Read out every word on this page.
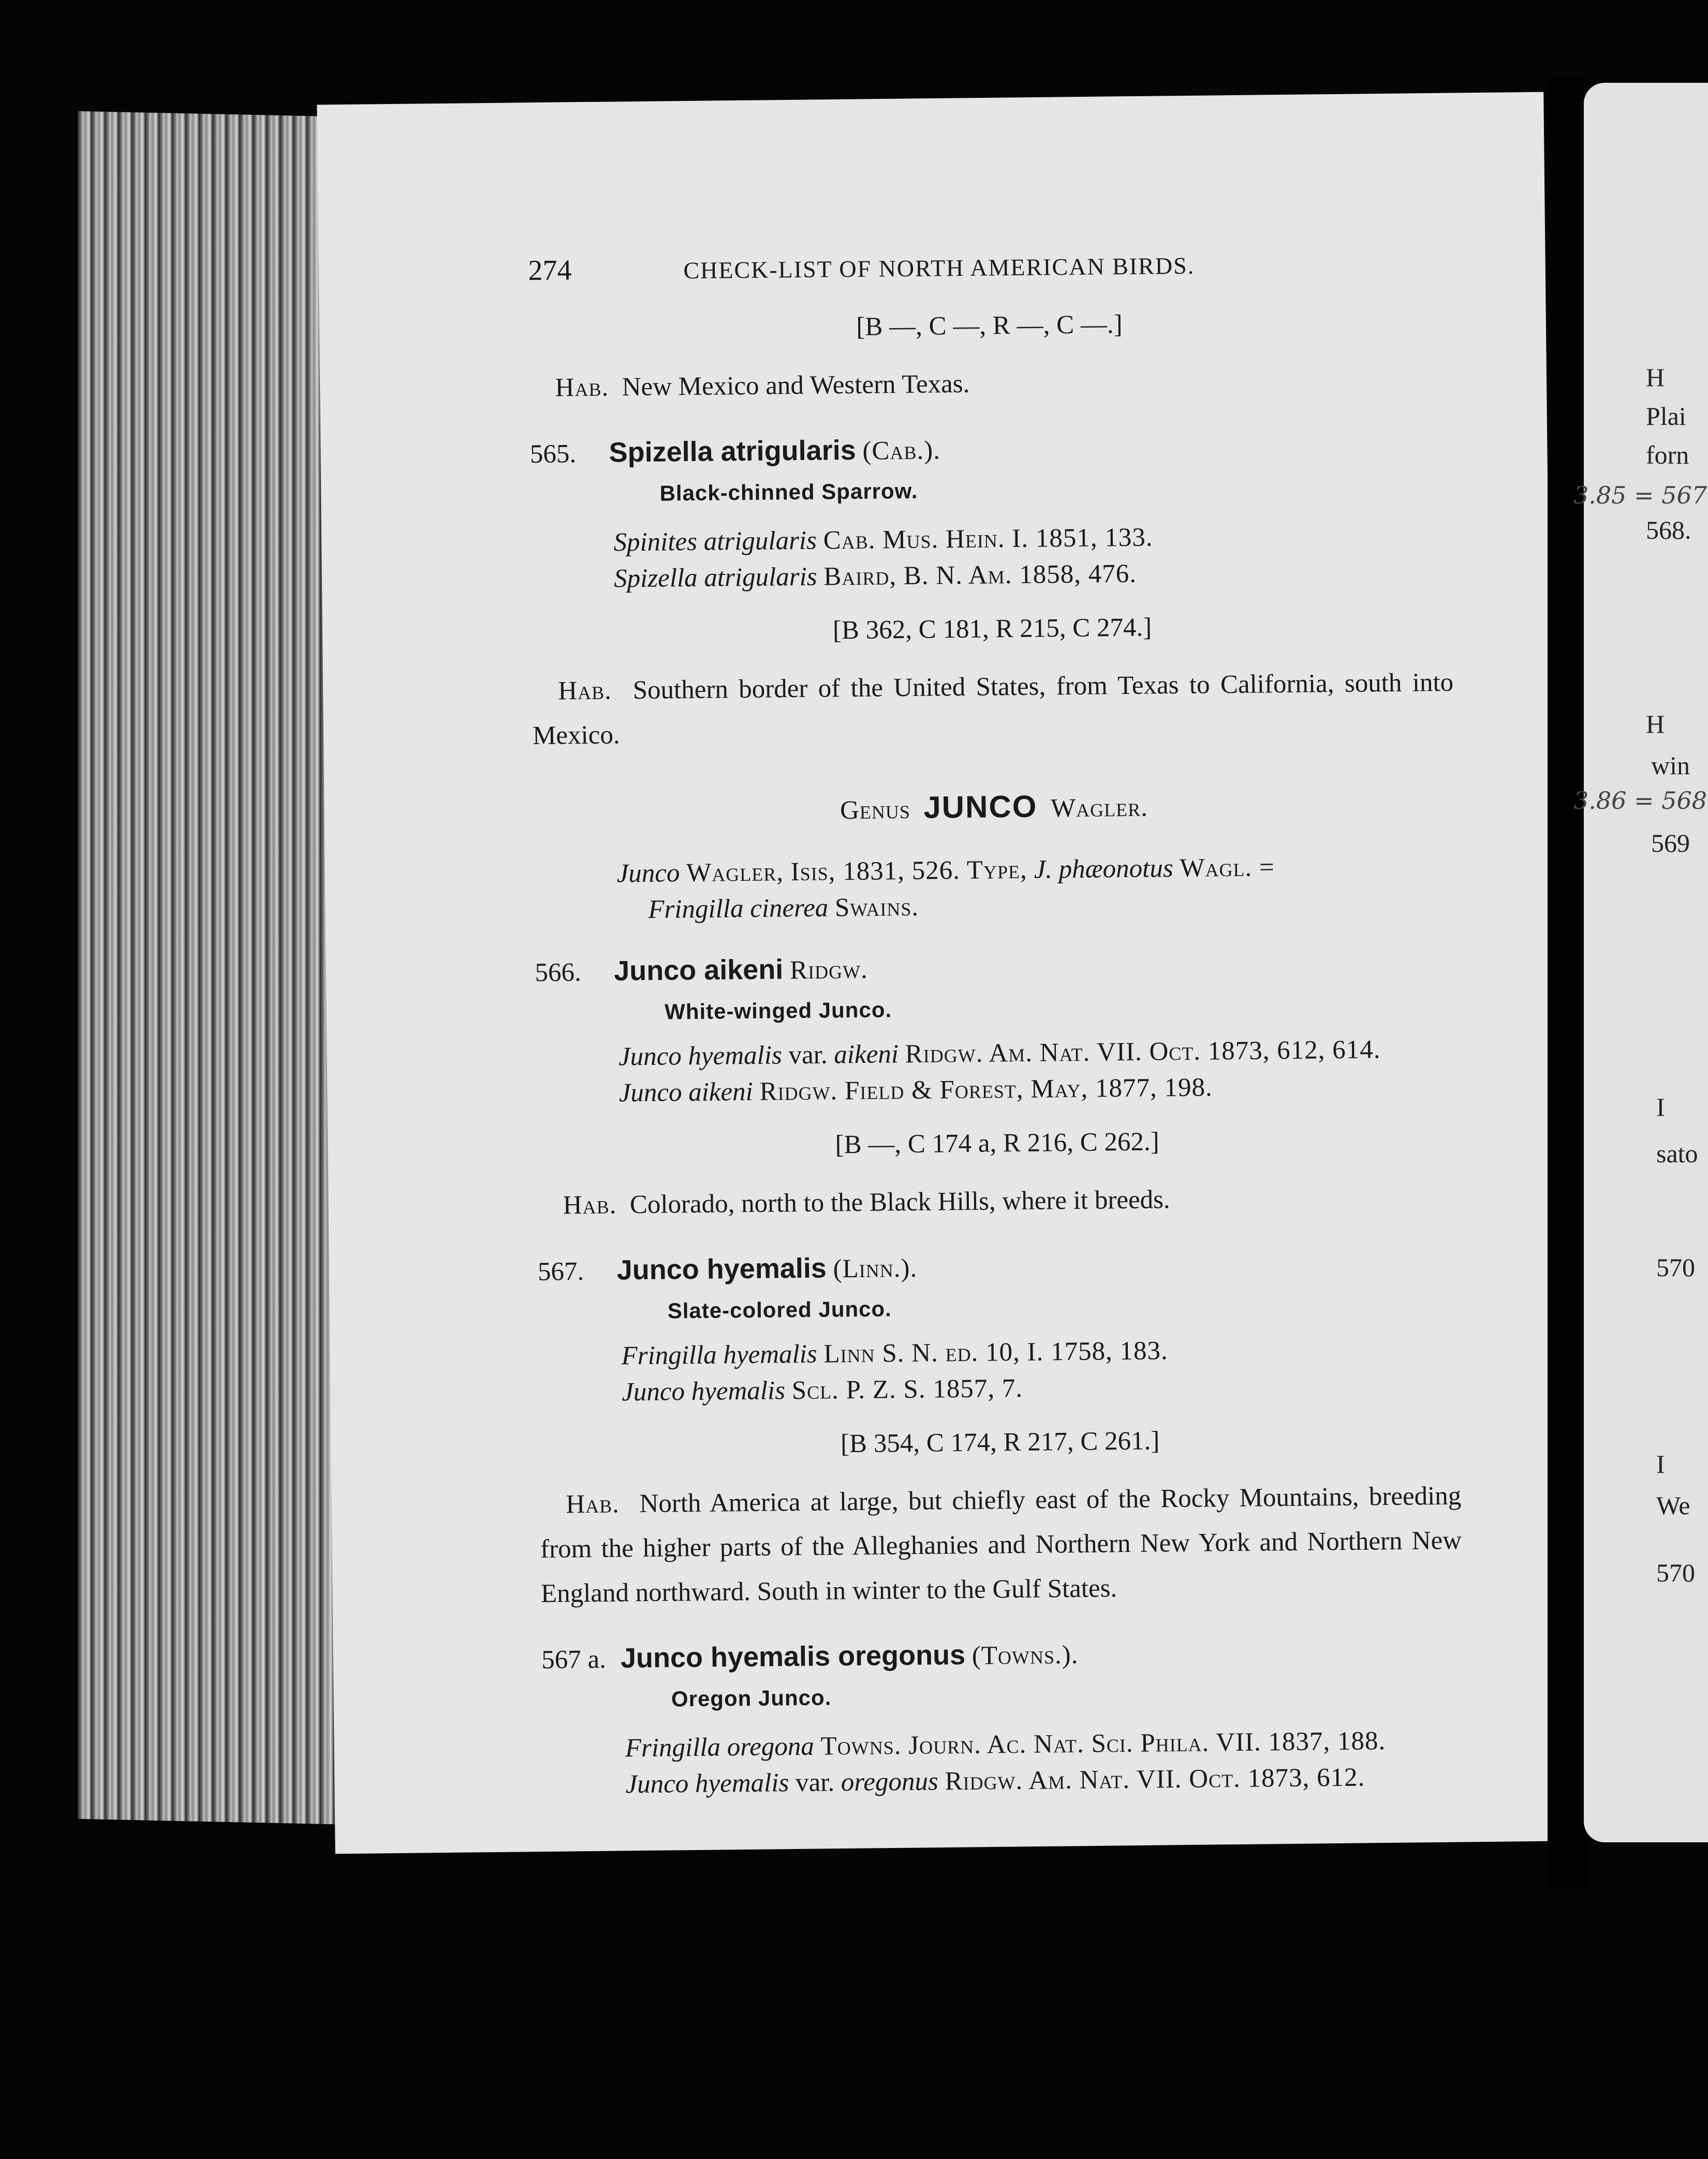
H
Plai
forn
3.85 = 567
568.
H
win
3.86 = 568
569
I
sato
570
I
We
570
274	CHECK-LIST OF NORTH AMERICAN BIRDS.
[B —, C —, R —, C —.]
Hab. New Mexico and Western Texas.
565. Spizella atrigularis (Cab.).
Black-chinned Sparrow.
Spinites atrigularis Cab. Mus. Hein. I. 1851, 133.
Spizella atrigularis Baird, B. N. Am. 1858, 476.
[B 362, C 181, R 215, C 274.]
Hab. Southern border of the United States, from Texas to California, south into Mexico.
Genus JUNCO Wagler.
Junco Wagler, Isis, 1831, 526. Type, J. phæonotus Wagl. =
Fringilla cinerea Swains.
566. Junco aikeni Ridgw.
White-winged Junco.
Junco hyemalis var. aikeni Ridgw. Am. Nat. VII. Oct. 1873, 612, 614.
Junco aikeni Ridgw. Field & Forest, May, 1877, 198.
[B —, C 174 a, R 216, C 262.]
Hab. Colorado, north to the Black Hills, where it breeds.
567. Junco hyemalis (Linn.).
Slate-colored Junco.
Fringilla hyemalis Linn S. N. ed. 10, I. 1758, 183.
Junco hyemalis Scl. P. Z. S. 1857, 7.
[B 354, C 174, R 217, C 261.]
Hab. North America at large, but chiefly east of the Rocky Mountains, breeding from the higher parts of the Alleghanies and Northern New York and Northern New England northward. South in winter to the Gulf States.
567 a. Junco hyemalis oregonus (Towns.).
Oregon Junco.
Fringilla oregona Towns. Journ. Ac. Nat. Sci. Phila. VII. 1837, 188.
Junco hyemalis var. oregonus Ridgw. Am. Nat. VII. Oct. 1873, 612.
